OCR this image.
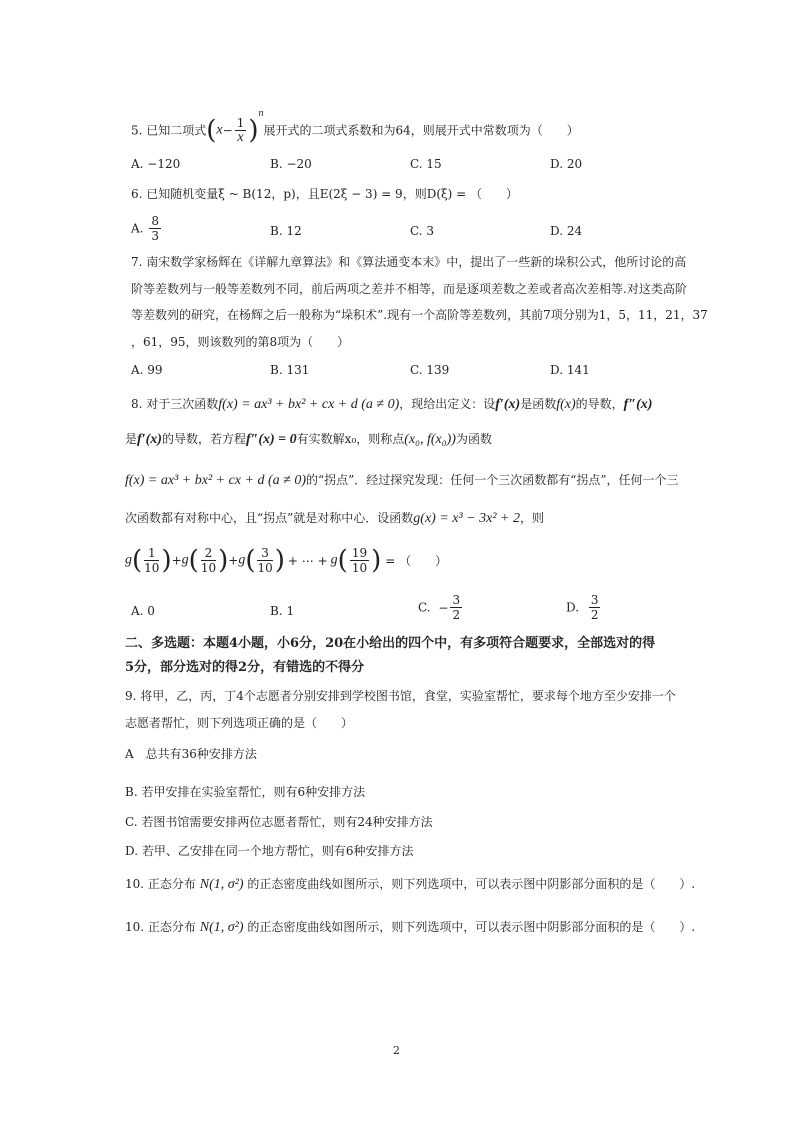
5. 已知二项式$(x- \frac{1}{x} )^n$展开式的二项式系数和为64，则展开式中常数项为（　　）
A. −120	B. −20	C. 15	D. 20
6. 已知随机变量ξ ~ B(12，p)，且E(2ξ − 3) = 9，则D(ξ) = （　　）
A. $\frac{8}{3}$	B. 12	C. 3	D. 24
7. 南宋数学家杨辉在《详解九章算法》和《算法通变本末》中，提出了一些新的垛积公式，他所讨论的高
阶等差数列与一般等差数列不同，前后两项之差并不相等，而是逐项差数之差或者高次差相等.对这类高阶
等差数列的研究，在杨辉之后一般称为“垛积术”.现有一个高阶等差数列，其前7项分别为1，5，11，21，37
，61，95，则该数列的第8项为（　　）
A. 99	B. 131	C. 139	D. 141
8. 对于三次函数f(x) = ax³ + bx² + cx + d (a ≠ 0)，现给出定义：设f′(x)是函数f(x)的导数，f″(x)
是f′(x)的导数，若方程f″(x) = 0有实数解x₀，则称点(x₀, f(x₀))为函数
f(x) = ax³ + bx² + cx + d (a ≠ 0)的“拐点”．经过探究发现：任何一个三次函数都有“拐点”，任何一个三
次函数都有对称中心，且“拐点”就是对称中心．设函数g(x) = x³ − 3x² + 2，则
$g( \frac{1}{10} )+g( \frac{2}{10} )+g( \frac{3}{10}$ ) + ⋯ + $g( \frac{19}{10}$ ) = （　　）
A. 0	B. 1	C. − $\frac{3}{2}$	D. $\frac{3}{2}$
二、多选题：本题4小题，小6分，20在小给出的四个中，有多项符合题要求，全部选对的得
5分，部分选对的得2分，有错选的不得分
9. 将甲，乙，丙，丁4个志愿者分别安排到学校图书馆，食堂，实验室帮忙，要求每个地方至少安排一个
志愿者帮忙，则下列选项正确的是（　　）
A　总共有36种安排方法
B. 若甲安排在实验室帮忙，则有6种安排方法
C. 若图书馆需要安排两位志愿者帮忙，则有24种安排方法
D. 若甲、乙安排在同一个地方帮忙，则有6种安排方法
10. 正态分布 N(1, σ²) 的正态密度曲线如图所示，则下列选项中，可以表示图中阴影部分面积的是（　　）.
10. 正态分布 N(1, σ²) 的正态密度曲线如图所示，则下列选项中，可以表示图中阴影部分面积的是（　　）.
2
